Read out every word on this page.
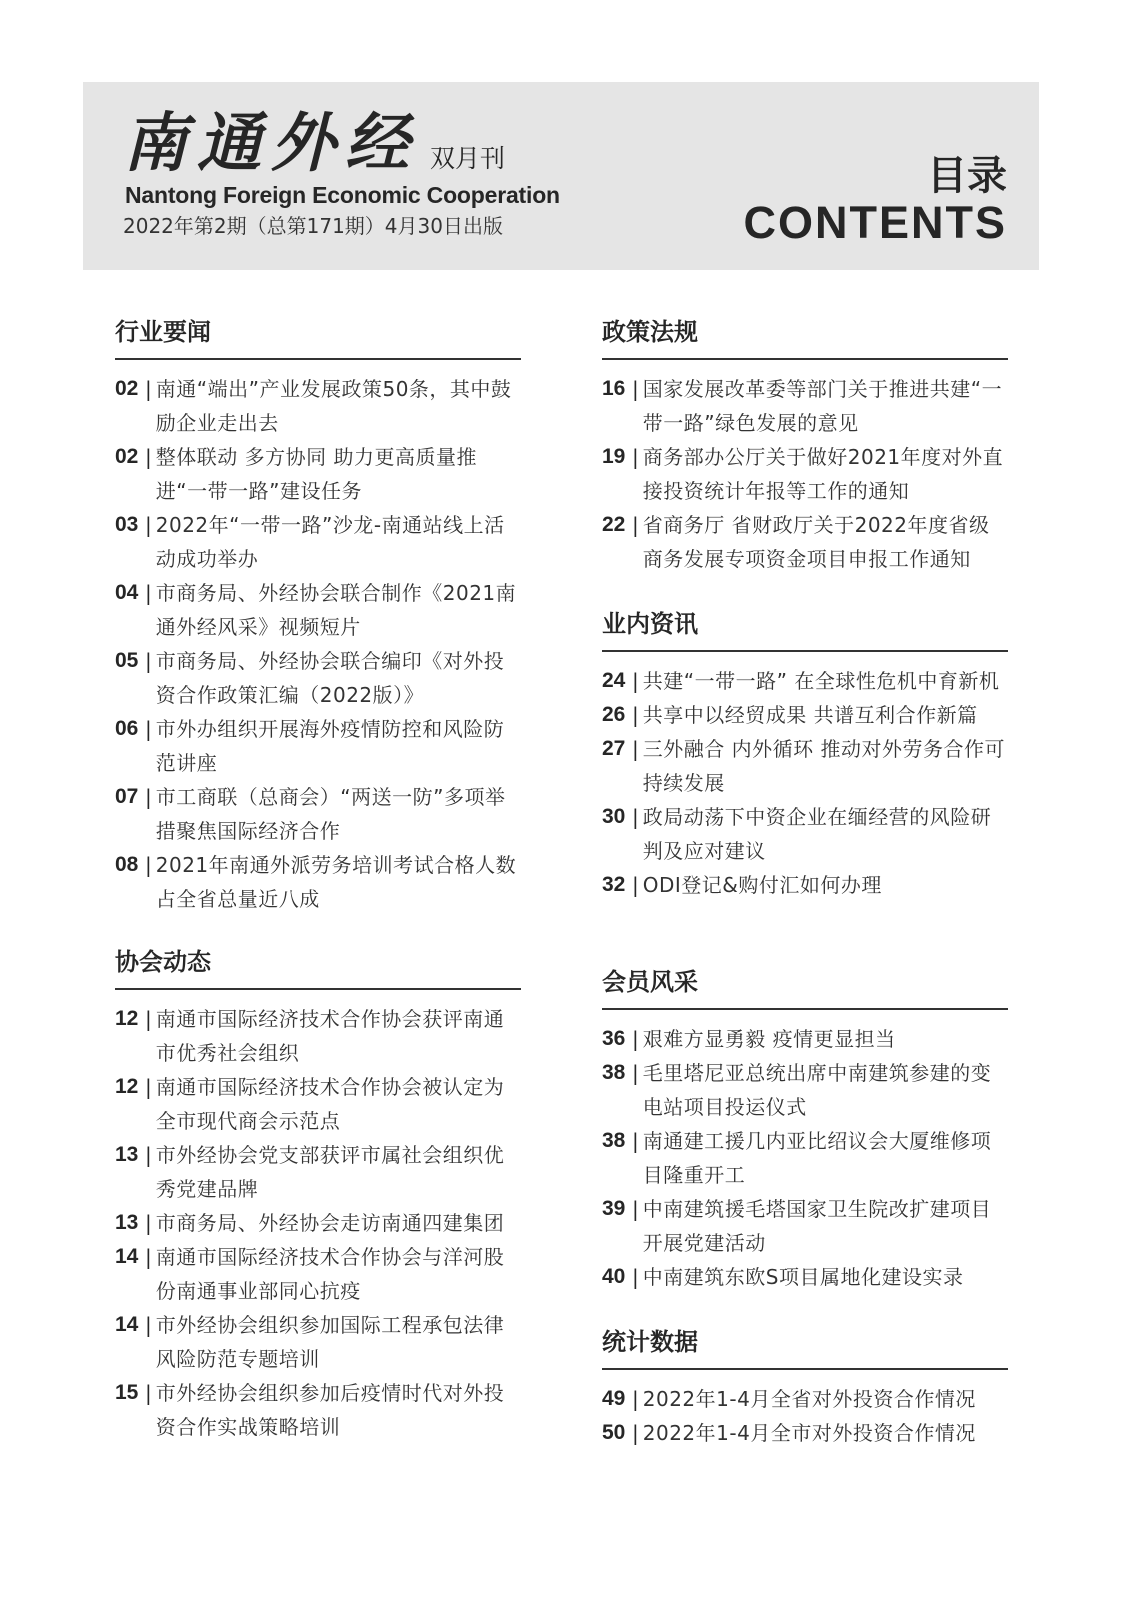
南通外经 双月刊
Nantong Foreign Economic Cooperation
2022年第2期（总第171期）4月30日出版
目录
CONTENTS
行业要闻
02 | 南通“端出”产业发展政策50条，其中鼓励企业走出去
02 | 整体联动 多方协同 助力更高质量推进“一带一路”建设任务
03 | 2022年“一带一路”沙龙-南通站线上活动成功举办
04 | 市商务局、外经协会联合制作《2021南通外经风采》视频短片
05 | 市商务局、外经协会联合编印《对外投资合作政策汇编（2022版）》
06 | 市外办组织开展海外疫情防控和风险防范讲座
07 | 市工商联（总商会）“两送一防”多项举措聚焦国际经济合作
08 | 2021年南通外派劳务培训考试合格人数占全省总量近八成
协会动态
12 | 南通市国际经济技术合作协会获评南通市优秀社会组织
12 | 南通市国际经济技术合作协会被认定为全市现代商会示范点
13 | 市外经协会党支部获评市属社会组织优秀党建品牌
13 | 市商务局、外经协会走访南通四建集团
14 | 南通市国际经济技术合作协会与洋河股份南通事业部同心抗疫
14 | 市外经协会组织参加国际工程承包法律风险防范专题培训
15 | 市外经协会组织参加后疫情时代对外投资合作实战策略培训
政策法规
16 | 国家发展改革委等部门关于推进共建“一带一路”绿色发展的意见
19 | 商务部办公厅关于做好2021年度对外直接投资统计年报等工作的通知
22 | 省商务厅 省财政厅关于2022年度省级商务发展专项资金项目申报工作通知
业内资讯
24 | 共建“一带一路” 在全球性危机中育新机
26 | 共享中以经贸成果 共谱互利合作新篇
27 | 三外融合 内外循环 推动对外劳务合作可持续发展
30 | 政局动荡下中资企业在缅经营的风险研判及应对建议
32 | ODI登记&购付汇如何办理
会员风采
36 | 艰难方显勇毅 疫情更显担当
38 | 毛里塔尼亚总统出席中南建筑参建的变电站项目投运仪式
38 | 南通建工援几内亚比绍议会大厦维修项目隆重开工
39 | 中南建筑援毛塔国家卫生院改扩建项目开展党建活动
40 | 中南建筑东欧S项目属地化建设实录
统计数据
49 | 2022年1-4月全省对外投资合作情况
50 | 2022年1-4月全市对外投资合作情况
